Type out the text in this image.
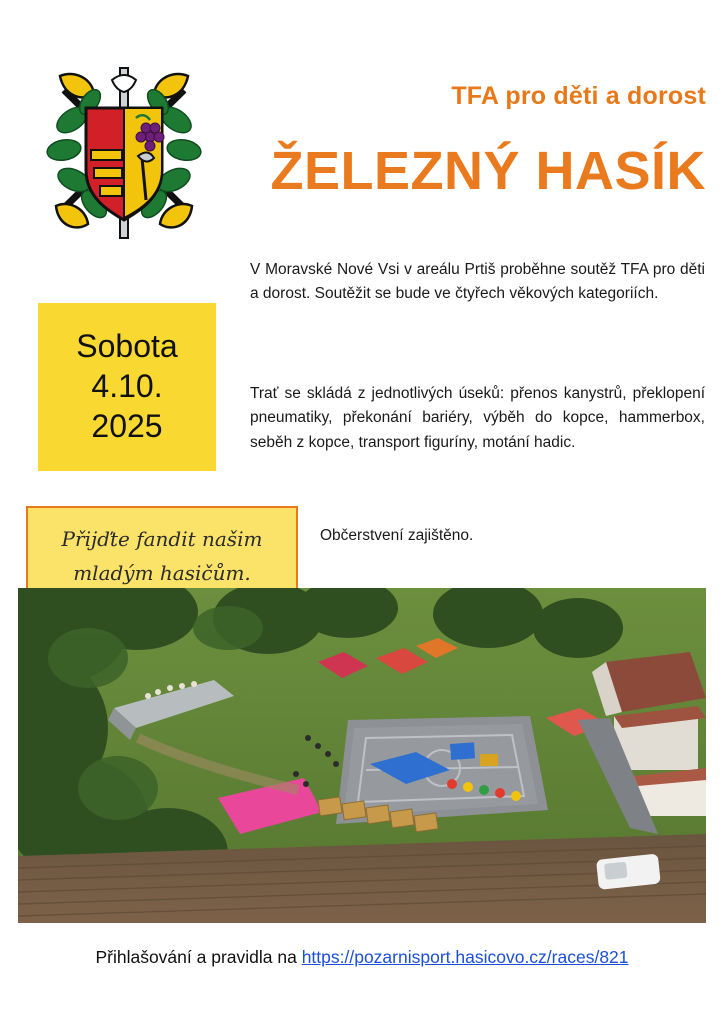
TFA pro děti a dorost
ŽELEZNÝ HASÍK
V Moravské Nové Vsi v areálu Prtiš proběhne soutěž TFA pro děti a dorost. Soutěžit se bude ve čtyřech věkových kategoriích.
Trať se skládá z jednotlivých úseků: přenos kanystrů, překlopení pneumatiky, překonání bariéry, výběh do kopce, hammerbox, seběh z kopce, transport figuríny, motání hadic.
Občerstvení zajištěno.
Sobota
4.10.
2025
Přijďte fandit našim
mladým hasičům.
Přihlašování a pravidla na https://pozarnisport.hasicovo.cz/races/821
